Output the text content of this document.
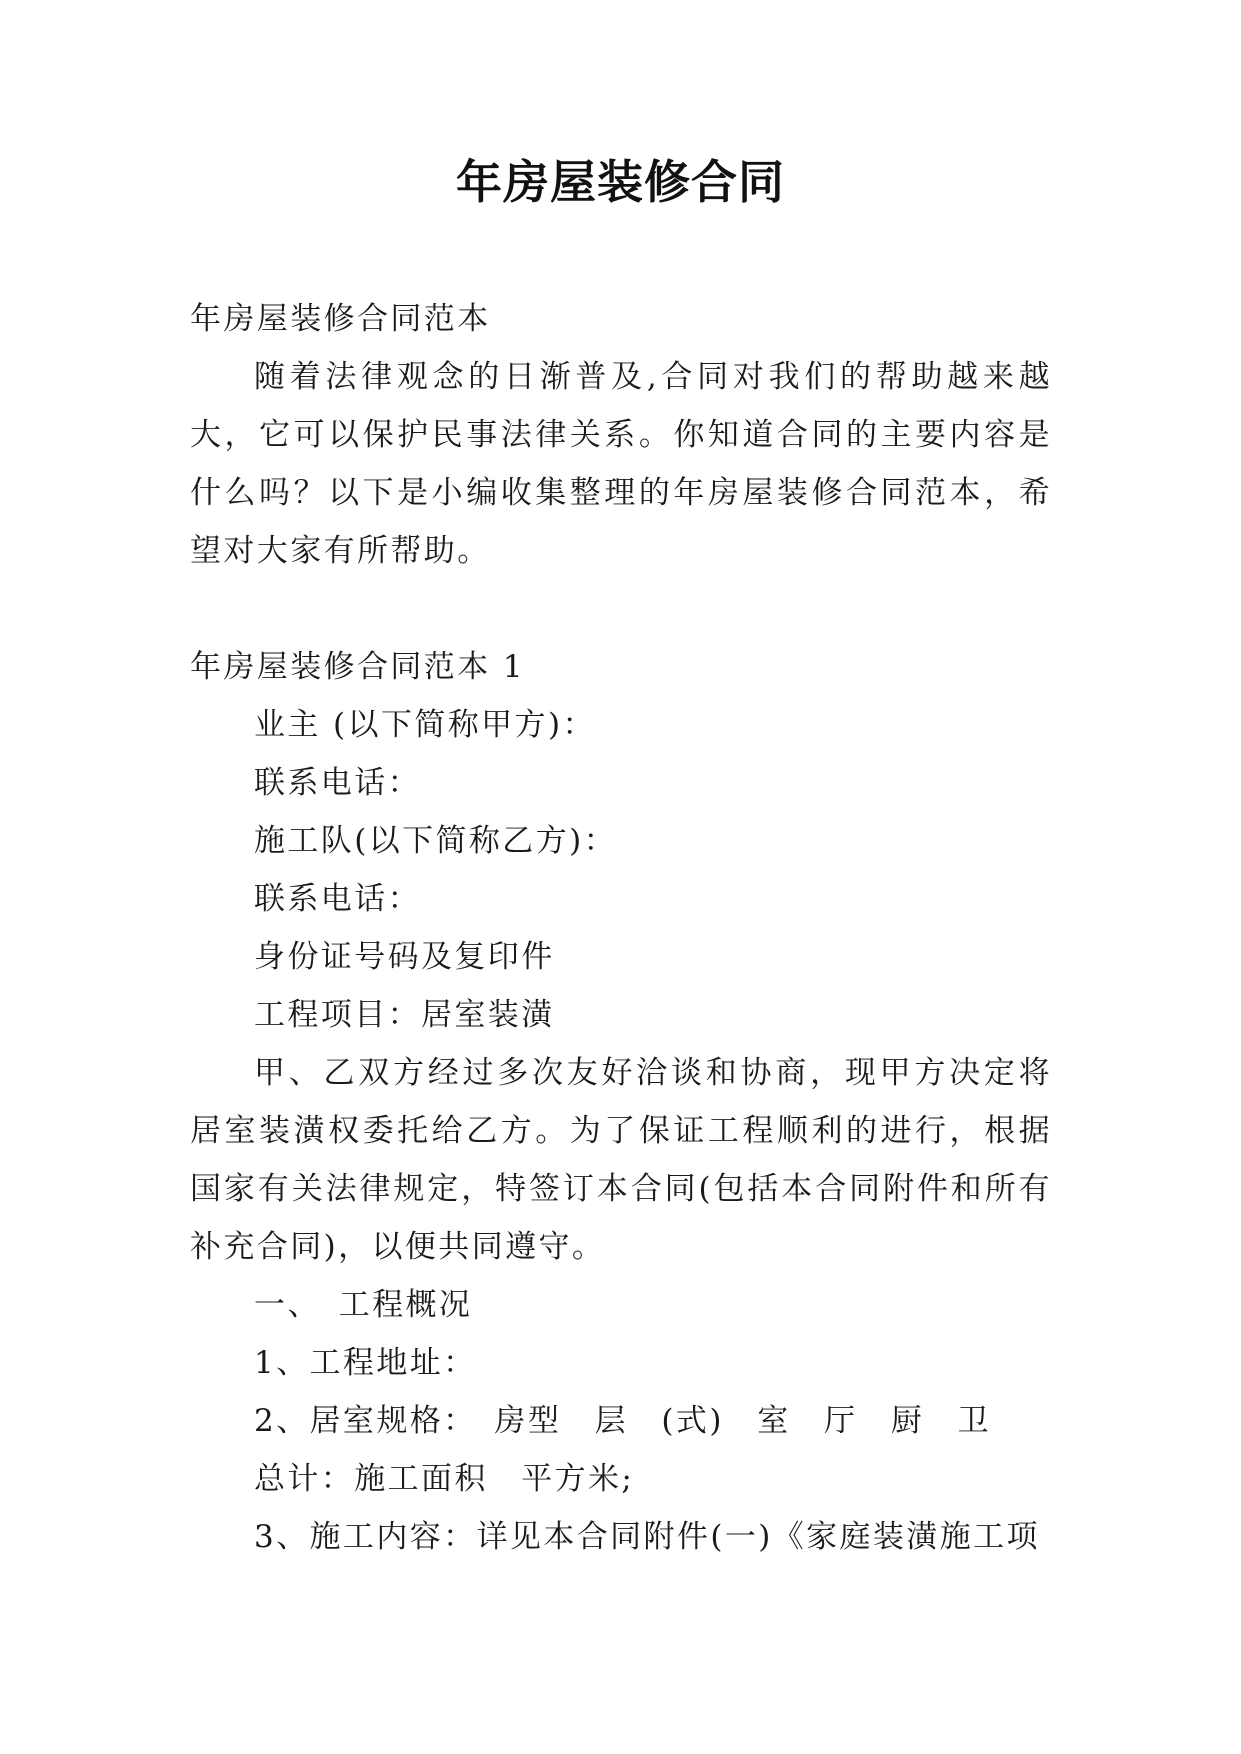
年房屋装修合同

年房屋装修合同范本

随着法律观念的日渐普及,合同对我们的帮助越来越大，它可以保护民事法律关系。你知道合同的主要内容是什么吗？以下是小编收集整理的年房屋装修合同范本，希望对大家有所帮助。

年房屋装修合同范本 1

业主 (以下简称甲方)：

联系电话：

施工队(以下简称乙方)：

联系电话：

身份证号码及复印件

工程项目：居室装潢

甲、乙双方经过多次友好洽谈和协商，现甲方决定将居室装潢权委托给乙方。为了保证工程顺利的进行，根据国家有关法律规定，特签订本合同(包括本合同附件和所有补充合同)，以便共同遵守。

一、　工程概况

1、工程地址：

2、居室规格：　房型　层　(式)　室　厅　厨　卫

总计：施工面积　平方米;

3、施工内容：详见本合同附件(一)《家庭装潢施工项
